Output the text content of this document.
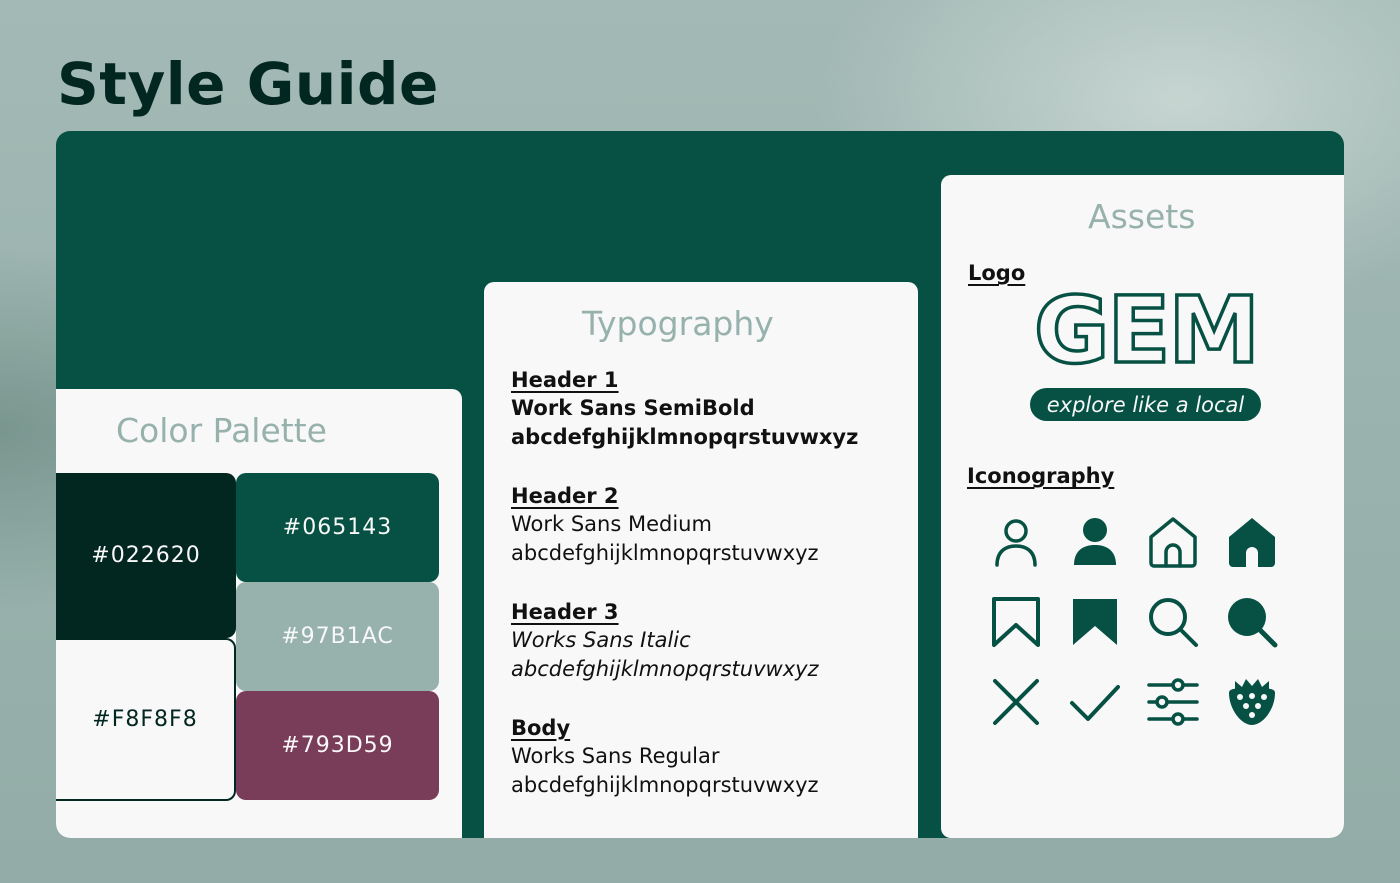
Style Guide
Color Palette
#022620
#065143
#97B1AC
#F8F8F8
#793D59
Typography
Header 1
Work Sans SemiBold
abcdefghijklmnopqrstuvwxyz
Header 2
Work Sans Medium
abcdefghijklmnopqrstuvwxyz
Header 3
Works Sans Italic
abcdefghijklmnopqrstuvwxyz
Body
Works Sans Regular
abcdefghijklmnopqrstuvwxyz
Assets
Logo
GEM
explore like a local
Iconography
